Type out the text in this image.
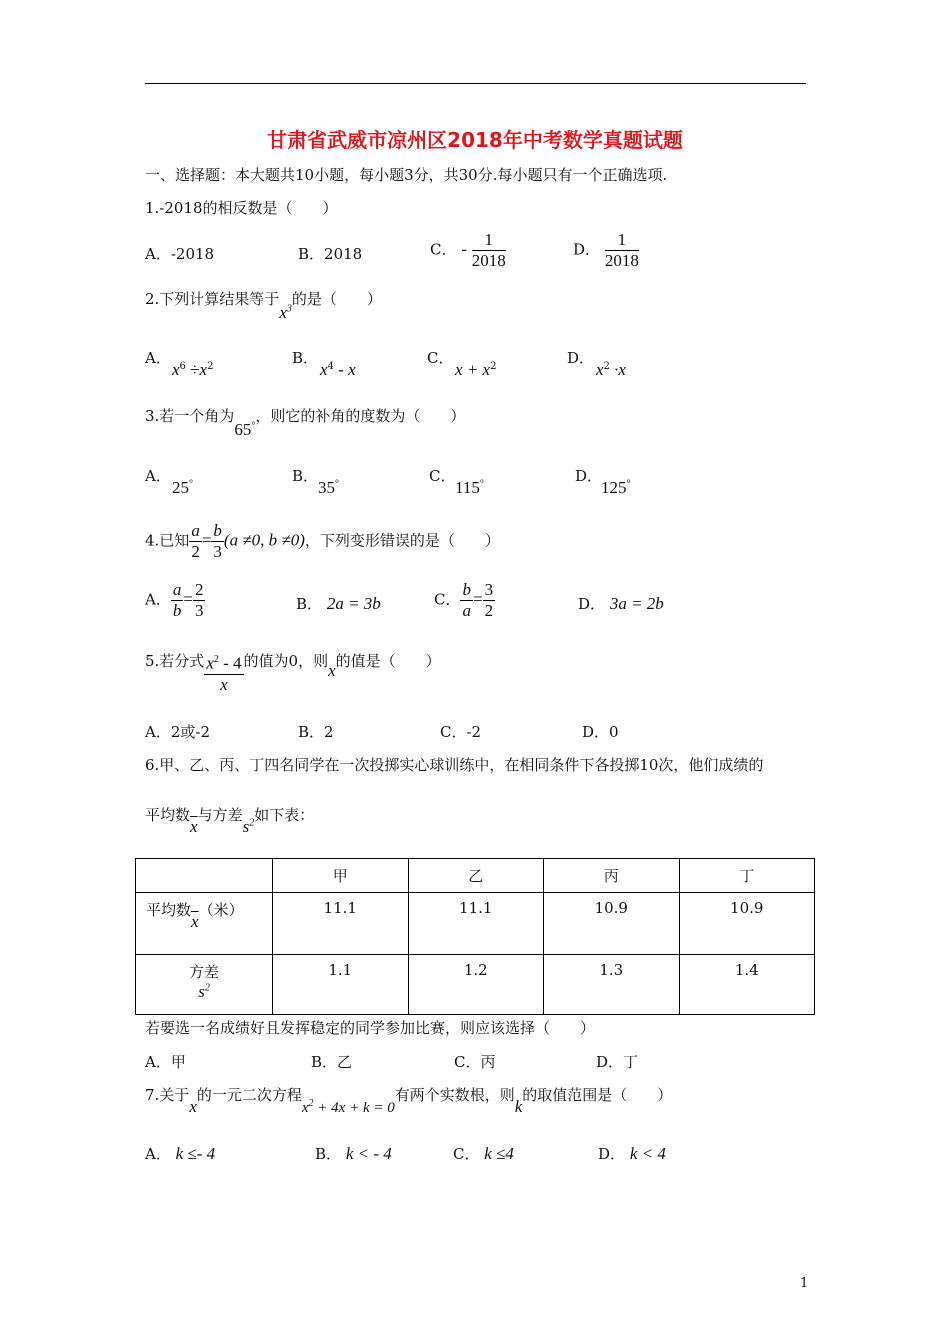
甘肃省武威市凉州区2018年中考数学真题试题
一、选择题：本大题共10小题，每小题3分，共30分.每小题只有一个正确选项.
1.-2018的相反数是（　　）
A．-2018	B．2018	C． - $\frac{1}{2018}$	D． $\frac{1}{2018}$
2.下列计算结果等于$x^3$的是（　　）
A．
$x^6 \div x^2$	B．
$x^4$ - x
C．
$x + x^2$	D．
$x^2 \cdot x$
3.若一个角为65°，则它的补角的度数为（　　）
A．
25°	B．
35°	C．
115°	D．
125°
4.已知 $\frac{a}{2} = \frac{b}{3} (a \ne 0$, b ≠0)，下列变形错误的是（　　）
A． $\frac{a}{b} = \frac{2}{3}$	B． 2a = 3b	C． $\frac{b}{a} = \frac{3}{2}$	D． 3a = 2b
5.若分式 $\frac{x^2 - 4}{x}$ 的值为0，则x的值是（　　）
A．2或-2	B．2	C．-2	D．0
6.甲、乙、丙、丁四名同学在一次投掷实心球训练中，在相同条件下各投掷10次，他们成绩的
平均数$\overline{x}$与方差$s^2$如下表：
	甲	乙	丙	丁
平均数$\overline{x}$（米）	11.1	11.1	10.9	10.9
方差
$s^2$	1.1	1.2	1.3	1.4
若要选一名成绩好且发挥稳定的同学参加比赛，则应该选择（　　）
A．甲	B．乙	C．丙	D．丁
7.关于x的一元二次方程$x^2 + 4x + k = 0$有两个实数根，则k的取值范围是（　　）
A． k ≤- 4	B． k < - 4	C． k ≤4	D． k < 4
1
